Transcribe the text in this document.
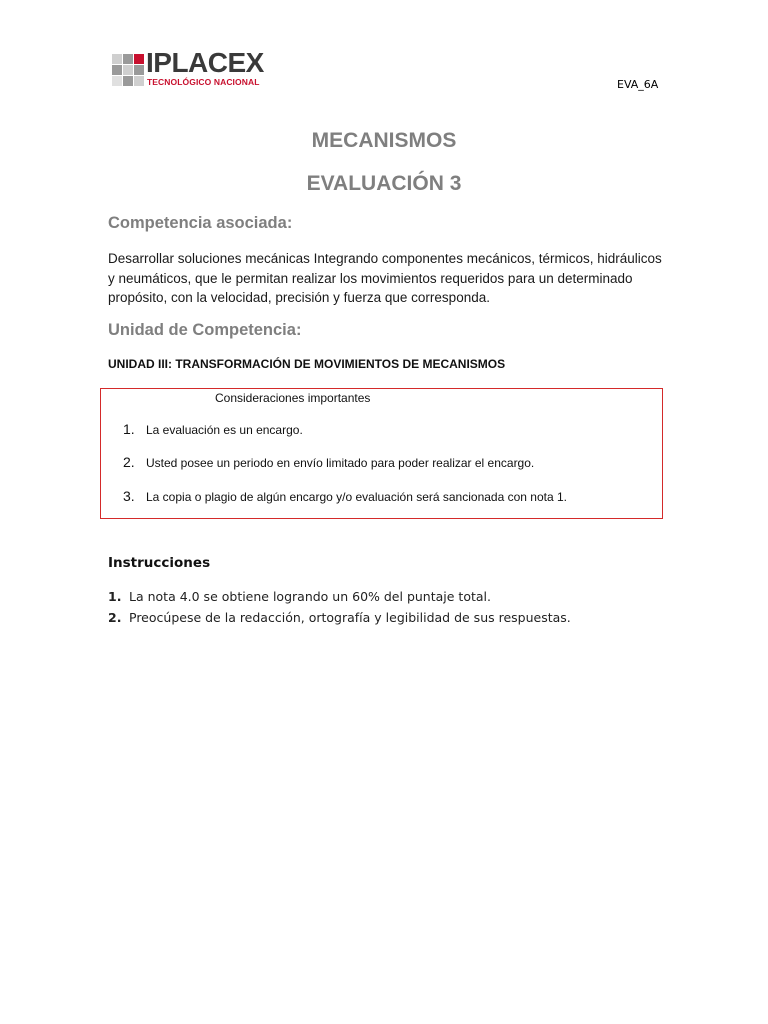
IPLACEX
TECNOLÓGICO NACIONAL	EVA_6A
MECANISMOS
EVALUACIÓN 3
Competencia asociada:
Desarrollar soluciones mecánicas Integrando componentes mecánicos, térmicos, hidráulicos y neumáticos, que le permitan realizar los movimientos requeridos para un determinado propósito, con la velocidad, precisión y fuerza que corresponda.
Unidad de Competencia:
UNIDAD III: TRANSFORMACIÓN DE MOVIMIENTOS DE MECANISMOS
Consideraciones importantes
1. La evaluación es un encargo.
2. Usted posee un periodo en envío limitado para poder realizar el encargo.
3. La copia o plagio de algún encargo y/o evaluación será sancionada con nota 1.
Instrucciones
1. La nota 4.0 se obtiene logrando un 60% del puntaje total.
2. Preocúpese de la redacción, ortografía y legibilidad de sus respuestas.
